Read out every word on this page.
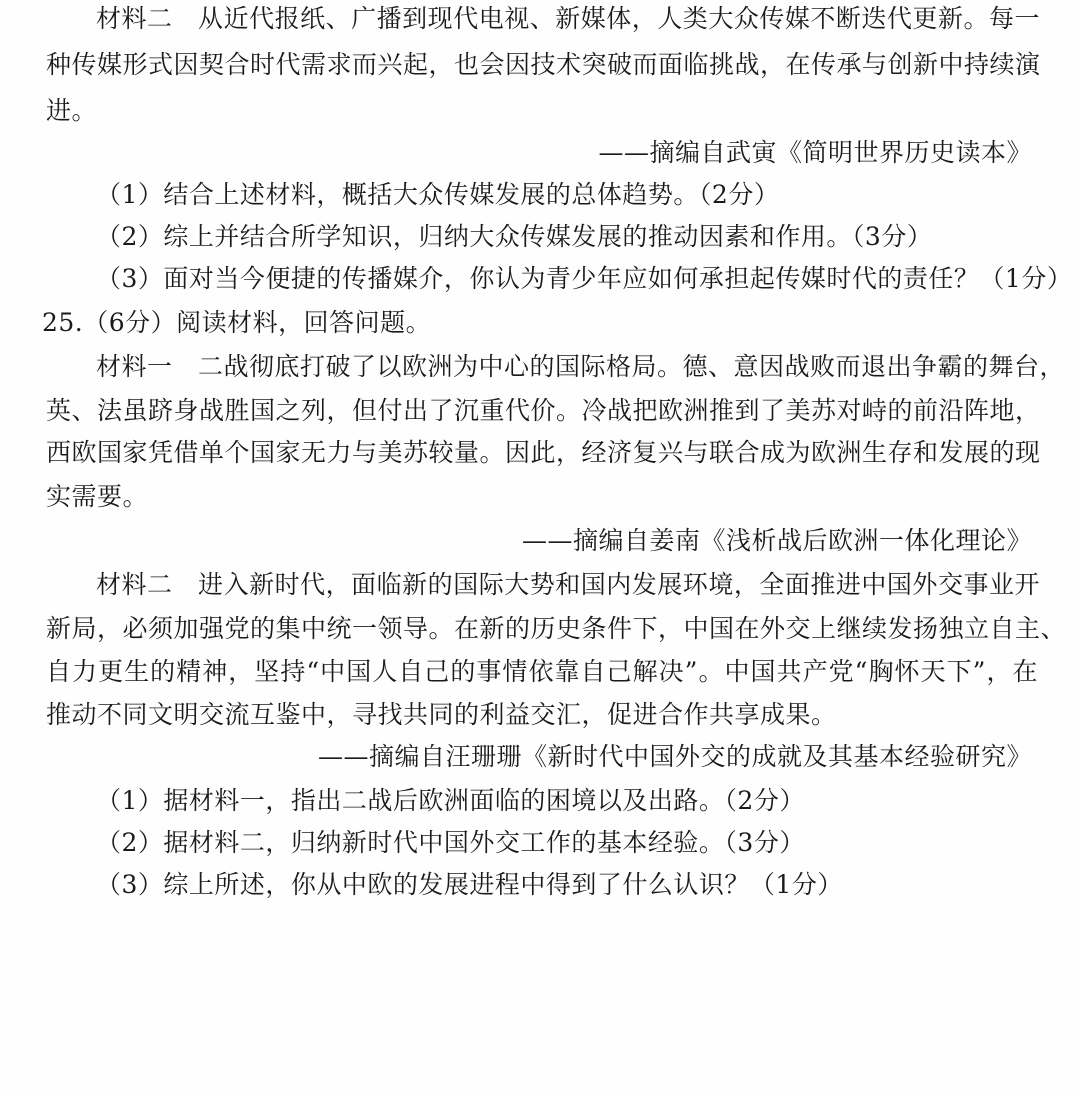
材料二　从近代报纸、广播到现代电视、新媒体，人类大众传媒不断迭代更新。每一
种传媒形式因契合时代需求而兴起，也会因技术突破而面临挑战，在传承与创新中持续演
进。
——摘编自武寅《简明世界历史读本》
（1）结合上述材料，概括大众传媒发展的总体趋势。（2分）
（2）综上并结合所学知识，归纳大众传媒发展的推动因素和作用。（3分）
（3）面对当今便捷的传播媒介，你认为青少年应如何承担起传媒时代的责任？（1分）
25.（6分）阅读材料，回答问题。
材料一　二战彻底打破了以欧洲为中心的国际格局。德、意因战败而退出争霸的舞台，
英、法虽跻身战胜国之列，但付出了沉重代价。冷战把欧洲推到了美苏对峙的前沿阵地，
西欧国家凭借单个国家无力与美苏较量。因此，经济复兴与联合成为欧洲生存和发展的现
实需要。
——摘编自姜南《浅析战后欧洲一体化理论》
材料二　进入新时代，面临新的国际大势和国内发展环境，全面推进中国外交事业开
新局，必须加强党的集中统一领导。在新的历史条件下，中国在外交上继续发扬独立自主、
自力更生的精神，坚持“中国人自己的事情依靠自己解决”。中国共产党“胸怀天下”，在
推动不同文明交流互鉴中，寻找共同的利益交汇，促进合作共享成果。
——摘编自汪珊珊《新时代中国外交的成就及其基本经验研究》
（1）据材料一，指出二战后欧洲面临的困境以及出路。（2分）
（2）据材料二，归纳新时代中国外交工作的基本经验。（3分）
（3）综上所述，你从中欧的发展进程中得到了什么认识？（1分）
